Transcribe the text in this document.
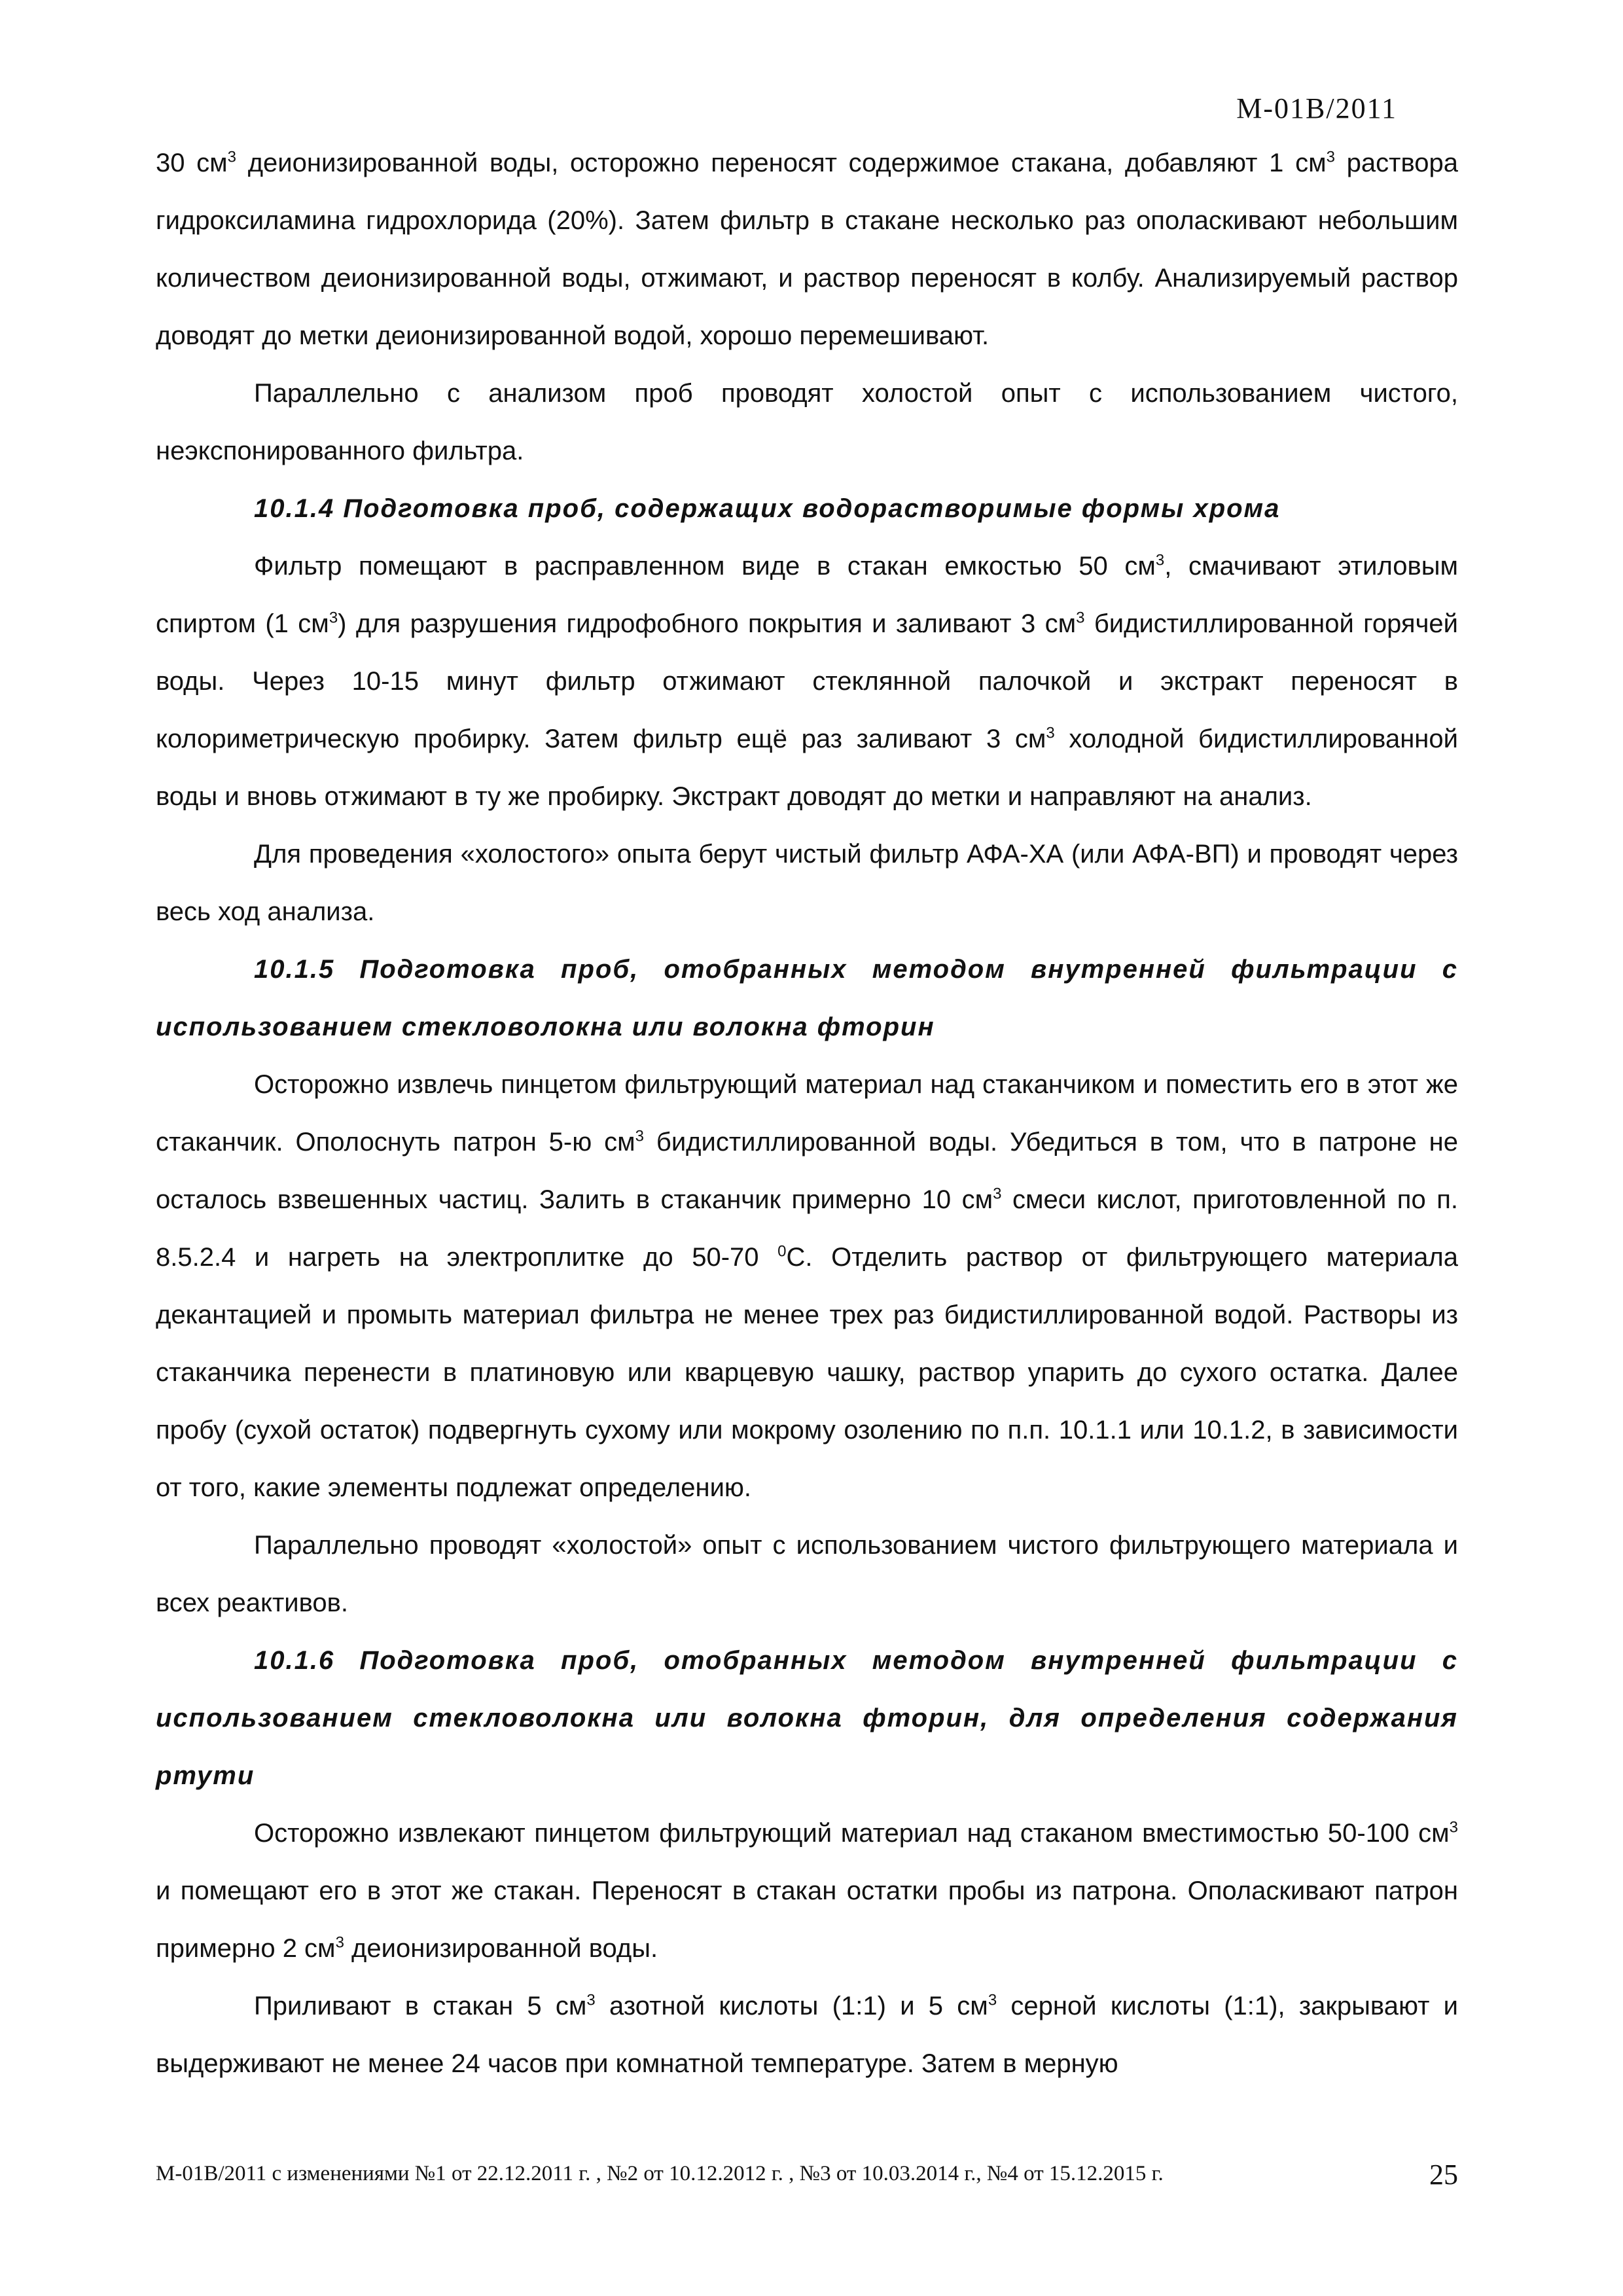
М-01В/2011

30 $см^3$ деионизированной воды, осторожно переносят содержимое стакана, добавляют 1 $см^3$ раствора гидроксиламина гидрохлорида (20%). Затем фильтр в стакане несколько раз ополаскивают небольшим количеством деионизированной воды, отжимают, и раствор переносят в колбу. Анализируемый раствор доводят до метки деионизированной водой, хорошо перемешивают.

Параллельно с анализом проб проводят холостой опыт с использованием чистого, неэкспонированного фильтра.

10.1.4 Подготовка проб, содержащих водорастворимые формы хрома

Фильтр помещают в расправленном виде в стакан емкостью 50 $см^3$, смачивают этиловым спиртом (1 $см^3$) для разрушения гидрофобного покрытия и заливают 3 $см^3$ бидистиллированной горячей воды. Через 10-15 минут фильтр отжимают стеклянной палочкой и экстракт переносят в колориметрическую пробирку. Затем фильтр ещё раз заливают 3 $см^3$ холодной бидистиллированной воды и вновь отжимают в ту же пробирку. Экстракт доводят до метки и направляют на анализ.

Для проведения «холостого» опыта берут чистый фильтр АФА-ХА (или АФА-ВП) и проводят через весь ход анализа.

10.1.5 Подготовка проб, отобранных методом внутренней фильтрации с использованием стекловолокна или волокна фторин

Осторожно извлечь пинцетом фильтрующий материал над стаканчиком и поместить его в этот же стаканчик. Ополоснуть патрон 5-ю $см^3$ бидистиллированной воды. Убедиться в том, что в патроне не осталось взвешенных частиц. Залить в стаканчик примерно 10 $см^3$ смеси кислот, приготовленной по п. 8.5.2.4 и нагреть на электроплитке до 50-70 $^0$С. Отделить раствор от фильтрующего материала декантацией и промыть материал фильтра не менее трех раз бидистиллированной водой. Растворы из стаканчика перенести в платиновую или кварцевую чашку, раствор упарить до сухого остатка. Далее пробу (сухой остаток) подвергнуть сухому или мокрому озолению по п.п. 10.1.1 или 10.1.2, в зависимости от того, какие элементы подлежат определению.

Параллельно проводят «холостой» опыт с использованием чистого фильтрующего материала и всех реактивов.

10.1.6 Подготовка проб, отобранных методом внутренней фильтрации с использованием стекловолокна или волокна фторин, для определения содержания ртути

Осторожно извлекают пинцетом фильтрующий материал над стаканом вместимостью 50-100 $см^3$ и помещают его в этот же стакан. Переносят в стакан остатки пробы из патрона. Ополаскивают патрон примерно 2 $см^3$ деионизированной воды.

Приливают в стакан 5 $см^3$ азотной кислоты (1:1) и 5 $см^3$ серной кислоты (1:1), закрывают и выдерживают не менее 24 часов при комнатной температуре. Затем в мерную

М-01В/2011 с изменениями №1 от 22.12.2011 г. , №2 от 10.12.2012 г. , №3 от 10.03.2014 г., №4 от 15.12.2015 г.	25
